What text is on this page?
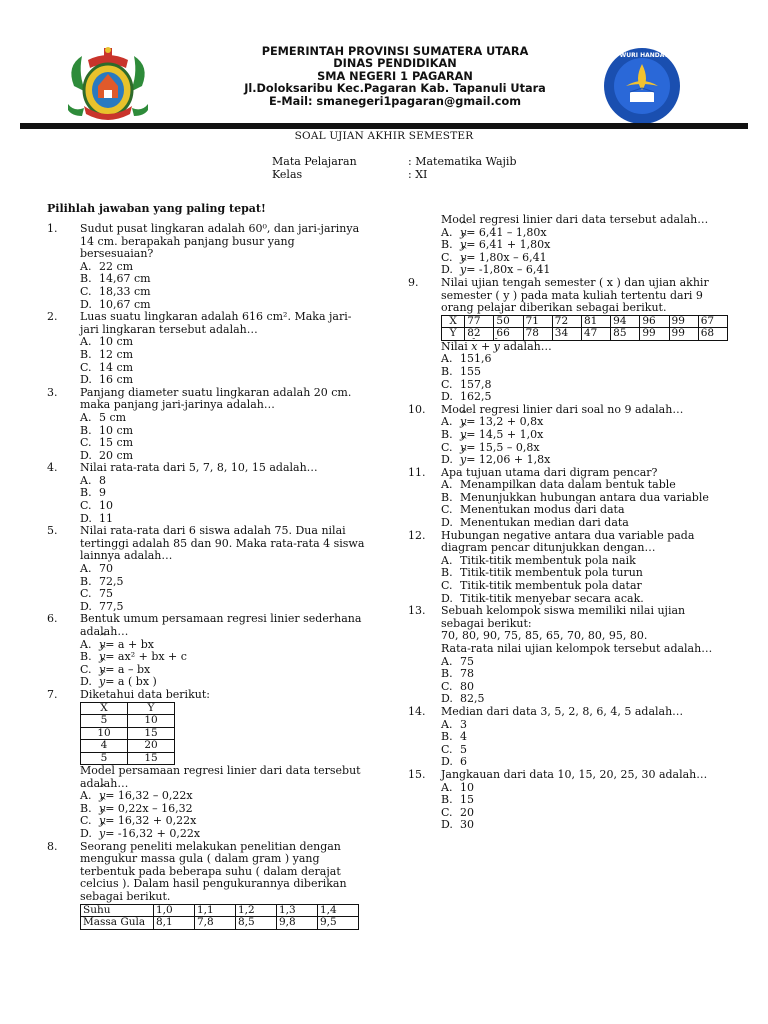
PEMERINTAH PROVINSI SUMATERA UTARA
DINAS PENDIDIKAN
SMA NEGERI 1 PAGARAN
Jl.Doloksaribu Kec.Pagaran Kab. Tapanuli Utara
E-Mail: smanegeri1pagaran@gmail.com
TUT WURI HANDAYANI
SOAL UJIAN AKHIR SEMESTER
Mata Pelajaran	: Matematika Wajib
Kelas	: XI
Pilihlah jawaban yang paling tepat!
1.	Sudut pusat lingkaran adalah 60⁰, dan jari-jarinya 14 cm. berapakah panjang busur yang bersesuaian?
A. 22 cm
B. 14,67 cm
C. 18,33 cm
D. 10,67 cm
2.	Luas suatu lingkaran adalah 616 cm². Maka jari-jari lingkaran tersebut adalah…
A. 10 cm
B. 12 cm
C. 14 cm
D. 16 cm
3.	Panjang diameter suatu lingkaran adalah 20 cm. maka panjang jari-jarinya adalah…
A. 5 cm
B. 10 cm
C. 15 cm
D. 20 cm
4.	Nilai rata-rata dari 5, 7, 8, 10, 15 adalah…
A. 8
B. 9
C. 10
D. 11
5.	Nilai rata-rata dari 6 siswa adalah 75. Dua nilai tertinggi adalah 85 dan 90. Maka rata-rata 4 siswa lainnya adalah…
A. 70
B. 72,5
C. 75
D. 77,5
6.	Bentuk umum persamaan regresi linier sederhana adalah…
A. ^ y = a + bx
B. ^ y = ax² + bx + c
C. ^ y = a – bx
D. ^ y = a ( bx )
7.	Diketahui data berikut:
X	Y
5	10
10	15
4	20
5	15
Model persamaan regresi linier dari data tersebut adalah…
A. ^ y = 16,32 – 0,22x
B. ^ y = 0,22x – 16,32
C. ^ y = 16,32 + 0,22x
D. ^ y = -16,32 + 0,22x
8.	Seorang peneliti melakukan penelitian dengan mengukur massa gula ( dalam gram ) yang terbentuk pada beberapa suhu ( dalam derajat celcius ). Dalam hasil pengukurannya diberikan sebagai berikut.
Suhu	1,0	1,1	1,2	1,3	1,4
Massa Gula	8,1	7,8	8,5	9,8	9,5
Model regresi linier dari data tersebut adalah…
A. ^ y = 6,41 – 1,80x
B. ^ y = 6,41 + 1,80x
C. ^ y = 1,80x – 6,41
D. ^ y = -1,80x – 6,41
9.	Nilai ujian tengah semester ( x ) dan ujian akhir semester ( y ) pada mata kuliah tertentu dari 9 orang pelajar diberikan sebagai berikut.
X	77	50	71	72	81	94	96	99	67
Y	82	66	78	34	47	85	99	99	68
Nilai - x + - y adalah…
A. 151,6
B. 155
C. 157,8
D. 162,5
10.	Model regresi linier dari soal no 9 adalah…
A. ^ y = 13,2 + 0,8x
B. ^ y = 14,5 + 1,0x
C. ^ y = 15,5 – 0,8x
D. ^ y = 12,06 + 1,8x
11.	Apa tujuan utama dari digram pencar?
A. Menampilkan data dalam bentuk table
B. Menunjukkan hubungan antara dua variable
C. Menentukan modus dari data
D. Menentukan median dari data
12.	Hubungan negative antara dua variable pada diagram pencar ditunjukkan dengan…
A. Titik-titik membentuk pola naik
B. Titik-titik membentuk pola turun
C. Titik-titik membentuk pola datar
D. Titik-titik menyebar secara acak.
13.	Sebuah kelompok siswa memiliki nilai ujian sebagai berikut:
70, 80, 90, 75, 85, 65, 70, 80, 95, 80.
Rata-rata nilai ujian kelompok tersebut adalah…
A. 75
B. 78
C. 80
D. 82,5
14.	Median dari data 3, 5, 2, 8, 6, 4, 5 adalah…
A. 3
B. 4
C. 5
D. 6
15.	Jangkauan dari data 10, 15, 20, 25, 30 adalah…
A. 10
B. 15
C. 20
D. 30
